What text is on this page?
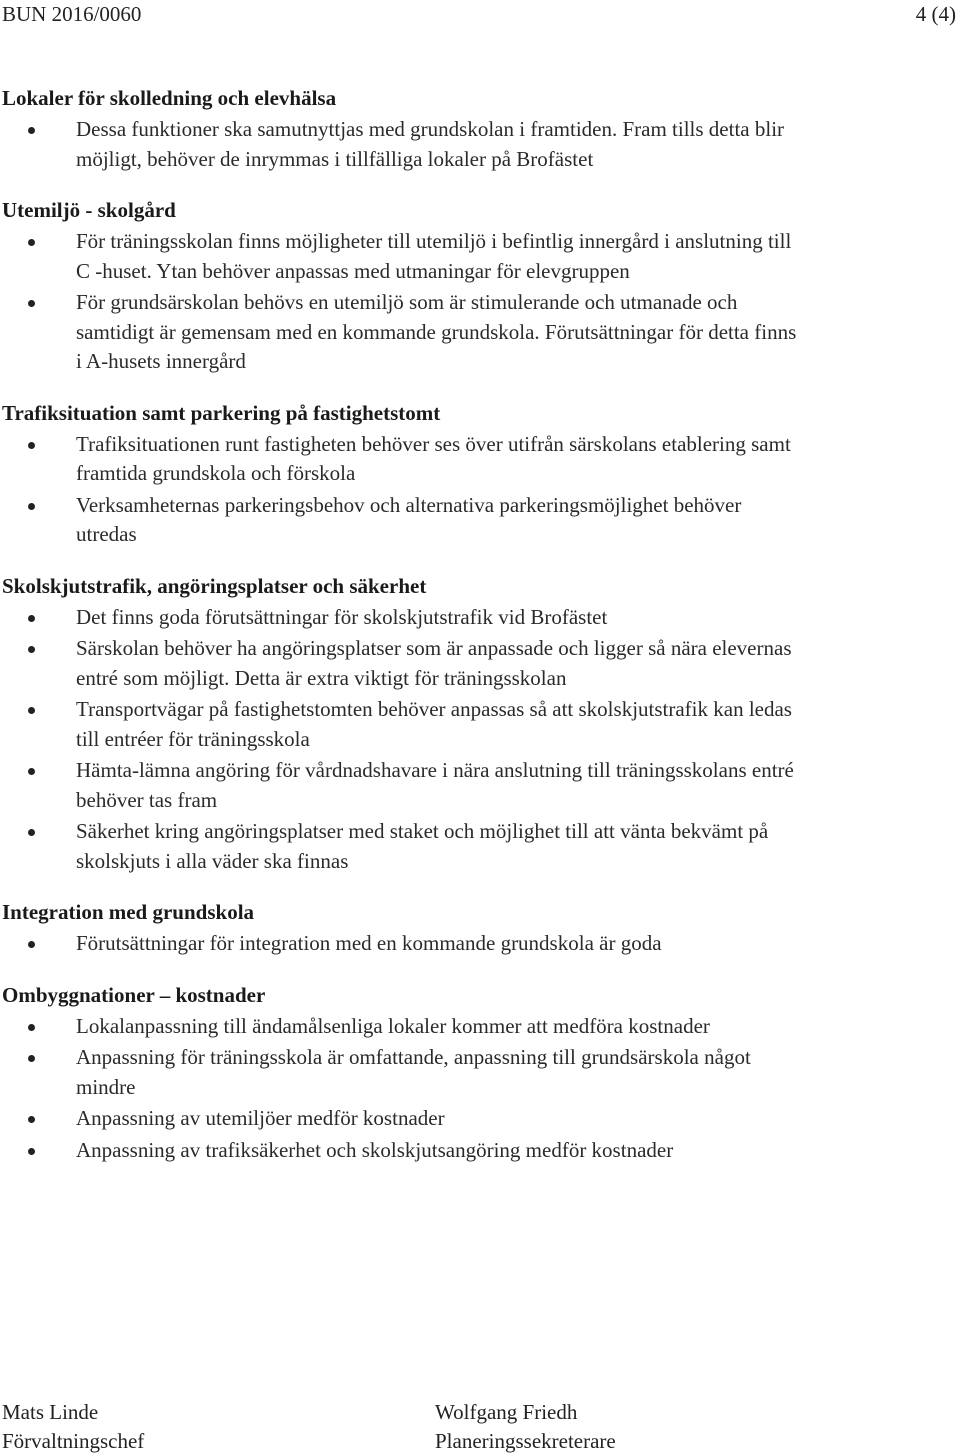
BUN 2016/0060	4 (4)
Lokaler för skolledning och elevhälsa
Dessa funktioner ska samutnyttjas med grundskolan i framtiden. Fram tills detta blir möjligt, behöver de inrymmas i tillfälliga lokaler på Brofästet
Utemiljö - skolgård
För träningsskolan finns möjligheter till utemiljö i befintlig innergård i anslutning till C -huset. Ytan behöver anpassas med utmaningar för elevgruppen
För grundsärskolan behövs en utemiljö som är stimulerande och utmanade och samtidigt är gemensam med en kommande grundskola. Förutsättningar för detta finns i A-husets innergård
Trafiksituation samt parkering på fastighetstomt
Trafiksituationen runt fastigheten behöver ses över utifrån särskolans etablering samt framtida grundskola och förskola
Verksamheternas parkeringsbehov och alternativa parkeringsmöjlighet behöver utredas
Skolskjutstrafik, angöringsplatser och säkerhet
Det finns goda förutsättningar för skolskjutstrafik vid Brofästet
Särskolan behöver ha angöringsplatser som är anpassade och ligger så nära elevernas entré som möjligt. Detta är extra viktigt för träningsskolan
Transportvägar på fastighetstomten behöver anpassas så att skolskjutstrafik kan ledas till entréer för träningsskola
Hämta-lämna angöring för vårdnadshavare i nära anslutning till träningsskolans entré behöver tas fram
Säkerhet kring angöringsplatser med staket och möjlighet till att vänta bekvämt på skolskjuts i alla väder ska finnas
Integration med grundskola
Förutsättningar för integration med en kommande grundskola är goda
Ombyggnationer – kostnader
Lokalanpassning till ändamålsenliga lokaler kommer att medföra kostnader
Anpassning för träningsskola är omfattande, anpassning till grundsärskola något mindre
Anpassning av utemiljöer medför kostnader
Anpassning av trafiksäkerhet och skolskjutsangöring medför kostnader
Mats Linde
Förvaltningschef
Wolfgang Friedh
Planeringssekreterare
